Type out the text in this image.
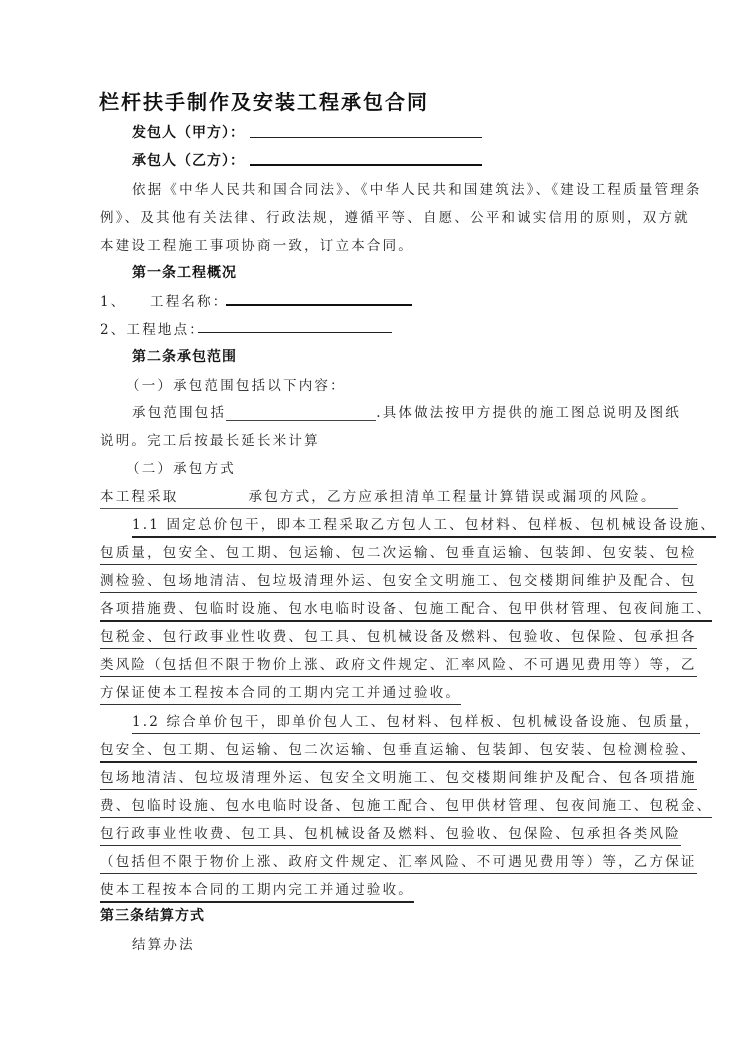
栏杆扶手制作及安装工程承包合同
发包人（甲方）：
承包人（乙方）：
依据《中华人民共和国合同法》、《中华人民共和国建筑法》、《建设工程质量管理条
例》、及其他有关法律、行政法规，遵循平等、自愿、公平和诚实信用的原则，双方就
本建设工程施工事项协商一致，订立本合同。
第一条工程概况
1、 工程名称：
2、工程地点：
第二条承包范围
（一）承包范围包括以下内容：
承包范围包括	.具体做法按甲方提供的施工图总说明及图纸
说明。完工后按最长延长米计算
（二）承包方式
本工程采取	承包方式，乙方应承担清单工程量计算错误或漏项的风险。
1.1 固定总价包干，即本工程采取乙方包人工、包材料、包样板、包机械设备设施、
包质量，包安全、包工期、包运输、包二次运输、包垂直运输、包装卸、包安装、包检
测检验、包场地清洁、包垃圾清理外运、包安全文明施工、包交楼期间维护及配合、包
各项措施费、包临时设施、包水电临时设备、包施工配合、包甲供材管理、包夜间施工、
包税金、包行政事业性收费、包工具、包机械设备及燃料、包验收、包保险、包承担各
类风险（包括但不限于物价上涨、政府文件规定、汇率风险、不可遇见费用等）等，乙
方保证使本工程按本合同的工期内完工并通过验收。
1.2 综合单价包干，即单价包人工、包材料、包样板、包机械设备设施、包质量，
包安全、包工期、包运输、包二次运输、包垂直运输、包装卸、包安装、包检测检验、
包场地清洁、包垃圾清理外运、包安全文明施工、包交楼期间维护及配合、包各项措施
费、包临时设施、包水电临时设备、包施工配合、包甲供材管理、包夜间施工、包税金、
包行政事业性收费、包工具、包机械设备及燃料、包验收、包保险、包承担各类风险
（包括但不限于物价上涨、政府文件规定、汇率风险、不可遇见费用等）等，乙方保证
使本工程按本合同的工期内完工并通过验收。
第三条结算方式
结算办法
